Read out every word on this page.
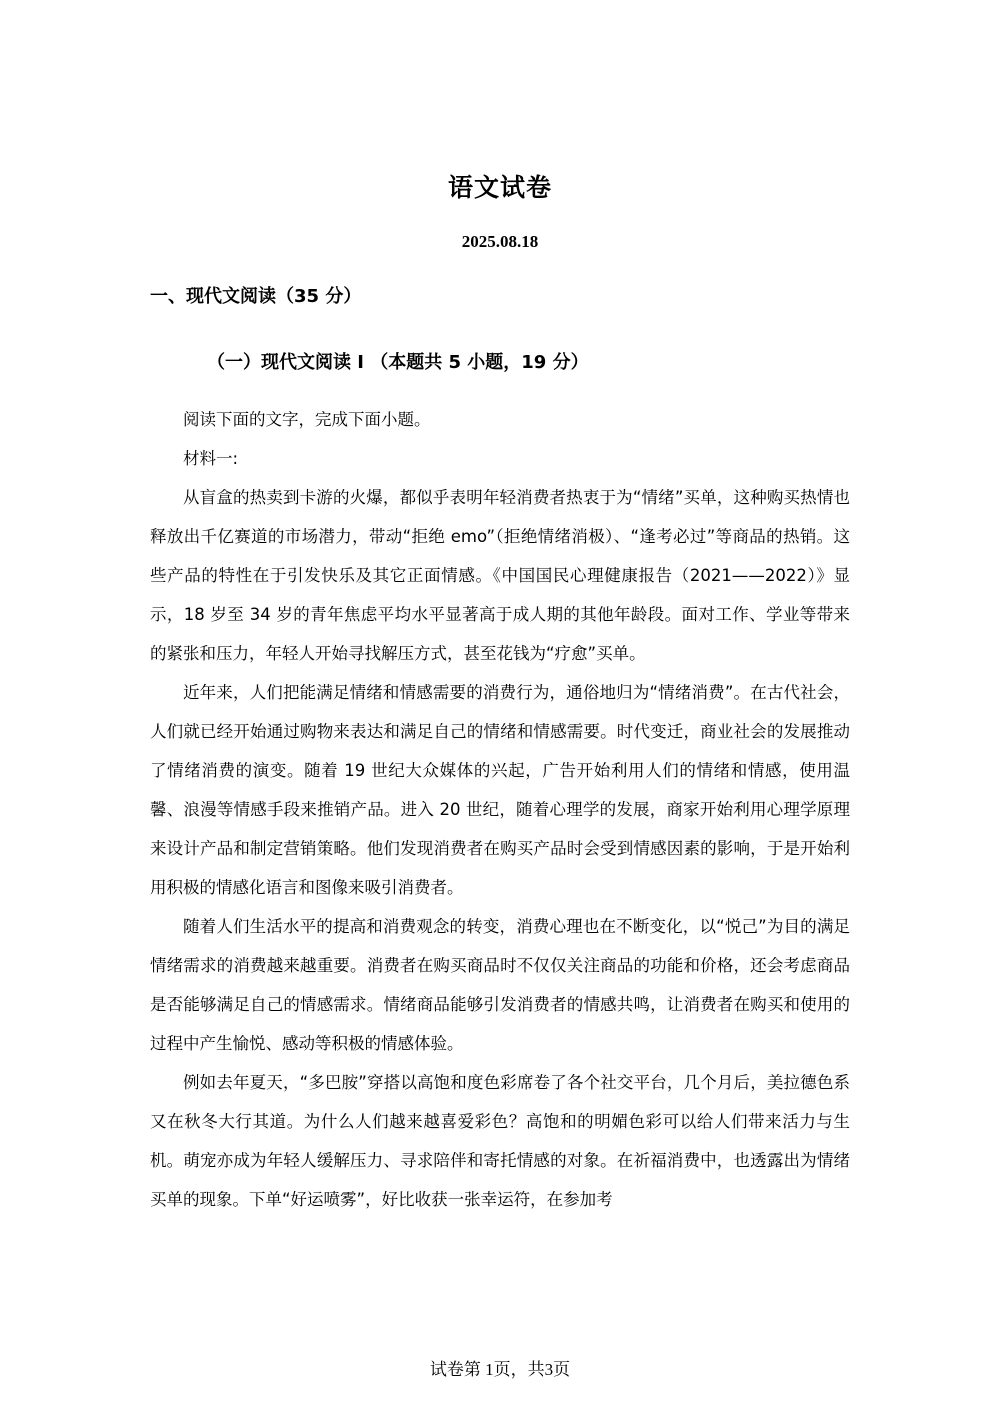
语文试卷
2025.08.18
一、现代文阅读（35 分）
（一）现代文阅读 I （本题共 5 小题，19 分）

阅读下面的文字，完成下面小题。

材料一:

从盲盒的热卖到卡游的火爆，都似乎表明年轻消费者热衷于为“情绪”买单，这种购买热情也释放出千亿赛道的市场潜力，带动“拒绝 emo”（拒绝情绪消极）、“逢考必过”等商品的热销。这些产品的特性在于引发快乐及其它正面情感。《中国国民心理健康报告（2021——2022）》显示，18 岁至 34 岁的青年焦虑平均水平显著高于成人期的其他年龄段。面对工作、学业等带来的紧张和压力，年轻人开始寻找解压方式，甚至花钱为“疗愈”买单。

近年来，人们把能满足情绪和情感需要的消费行为，通俗地归为“情绪消费”。在古代社会，人们就已经开始通过购物来表达和满足自己的情绪和情感需要。时代变迁，商业社会的发展推动了情绪消费的演变。随着 19 世纪大众媒体的兴起，广告开始利用人们的情绪和情感，使用温馨、浪漫等情感手段来推销产品。进入 20 世纪，随着心理学的发展，商家开始利用心理学原理来设计产品和制定营销策略。他们发现消费者在购买产品时会受到情感因素的影响，于是开始利用积极的情感化语言和图像来吸引消费者。

随着人们生活水平的提高和消费观念的转变，消费心理也在不断变化，以“悦己”为目的满足情绪需求的消费越来越重要。消费者在购买商品时不仅仅关注商品的功能和价格，还会考虑商品是否能够满足自己的情感需求。情绪商品能够引发消费者的情感共鸣，让消费者在购买和使用的过程中产生愉悦、感动等积极的情感体验。

例如去年夏天，“多巴胺”穿搭以高饱和度色彩席卷了各个社交平台，几个月后，美拉德色系又在秋冬大行其道。为什么人们越来越喜爱彩色？高饱和的明媚色彩可以给人们带来活力与生机。萌宠亦成为年轻人缓解压力、寻求陪伴和寄托情感的对象。在祈福消费中，也透露出为情绪买单的现象。下单“好运喷雾”，好比收获一张幸运符，在参加考

试卷第 1页，共3页
